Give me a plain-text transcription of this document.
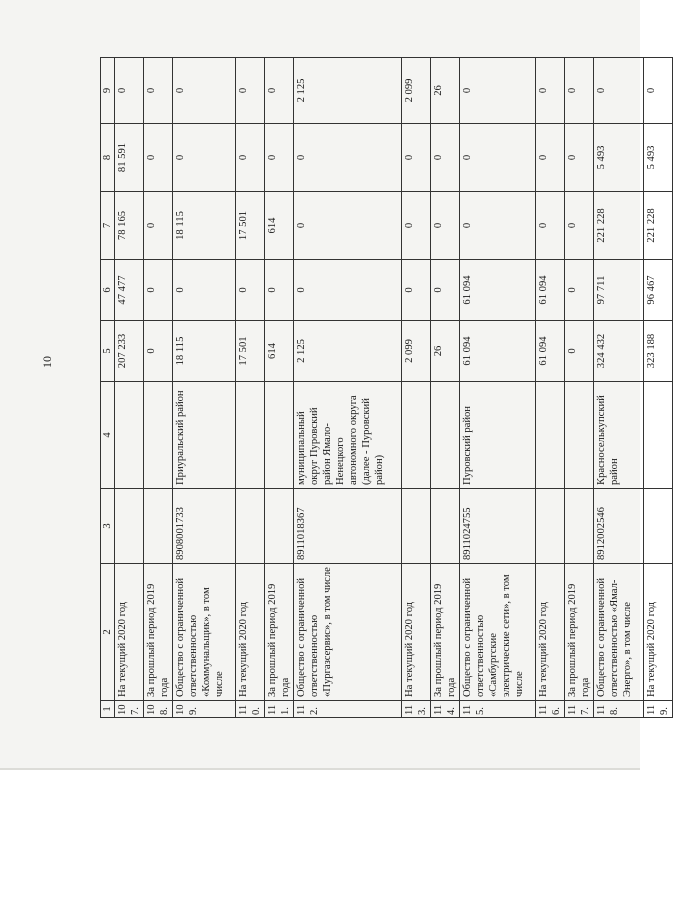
10
1	2	3	4	5	6	7	8	9
107.	На текущий 2020 год			207 233	47 477	78 165	81 591	0
108.	За прошлый период 2019 года			0	0	0	0	0
109.	Общество с ограниченной ответственностью «Коммунальщик», в том числе	8908001733	Приуральский район	18 115	0	18 115	0	0
110.	На текущий 2020 год			17 501	0	17 501	0	0
111.	За прошлый период 2019 года			614	0	614	0	0
112.	Общество с ограниченной ответственностью «Пургазсервис», в том числе	8911018367	муниципальный округ Пуровский район Ямало-Ненецкого автономного округа (далее - Пуровский район)	2 125	0	0	0	2 125
113.	На текущий 2020 год			2 099	0	0	0	2 099
114.	За прошлый период 2019 года			26	0	0	0	26
115.	Общество с ограниченной ответственностью «Самбургские электрические сети», в том числе	8911024755	Пуровский район	61 094	61 094	0	0	0
116.	На текущий 2020 год			61 094	61 094	0	0	0
117.	За прошлый период 2019 года			0	0	0	0	0
118.	Общество с ограниченной ответственностью «Ямал-Энерго», в том числе	8912002546	Красноселькупский район	324 432	97 711	221 228	5 493	0
119.	На текущий 2020 год			323 188	96 467	221 228	5 493	0
